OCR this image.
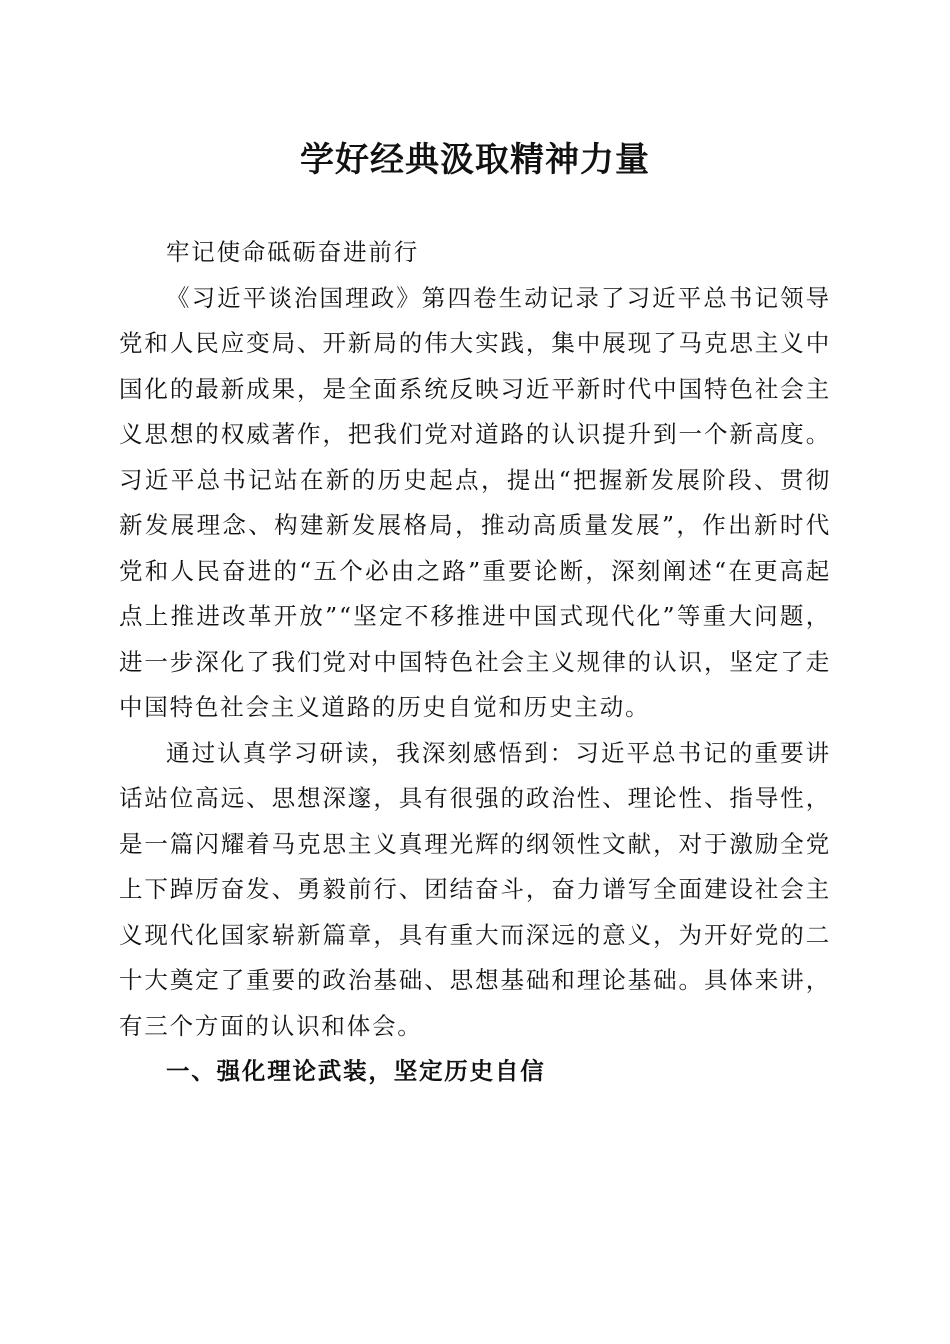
学好经典汲取精神力量

牢记使命砥砺奋进前行

《习近平谈治国理政》第四卷生动记录了习近平总书记领导党和人民应变局、开新局的伟大实践，集中展现了马克思主义中国化的最新成果，是全面系统反映习近平新时代中国特色社会主义思想的权威著作，把我们党对道路的认识提升到一个新高度。习近平总书记站在新的历史起点，提出“把握新发展阶段、贯彻新发展理念、构建新发展格局，推动高质量发展”，作出新时代党和人民奋进的“五个必由之路”重要论断，深刻阐述“在更高起点上推进改革开放”“坚定不移推进中国式现代化”等重大问题，进一步深化了我们党对中国特色社会主义规律的认识，坚定了走中国特色社会主义道路的历史自觉和历史主动。

通过认真学习研读，我深刻感悟到：习近平总书记的重要讲话站位高远、思想深邃，具有很强的政治性、理论性、指导性，是一篇闪耀着马克思主义真理光辉的纲领性文献，对于激励全党上下踔厉奋发、勇毅前行、团结奋斗，奋力谱写全面建设社会主义现代化国家崭新篇章，具有重大而深远的意义，为开好党的二十大奠定了重要的政治基础、思想基础和理论基础。具体来讲，有三个方面的认识和体会。

一、强化理论武装，坚定历史自信
